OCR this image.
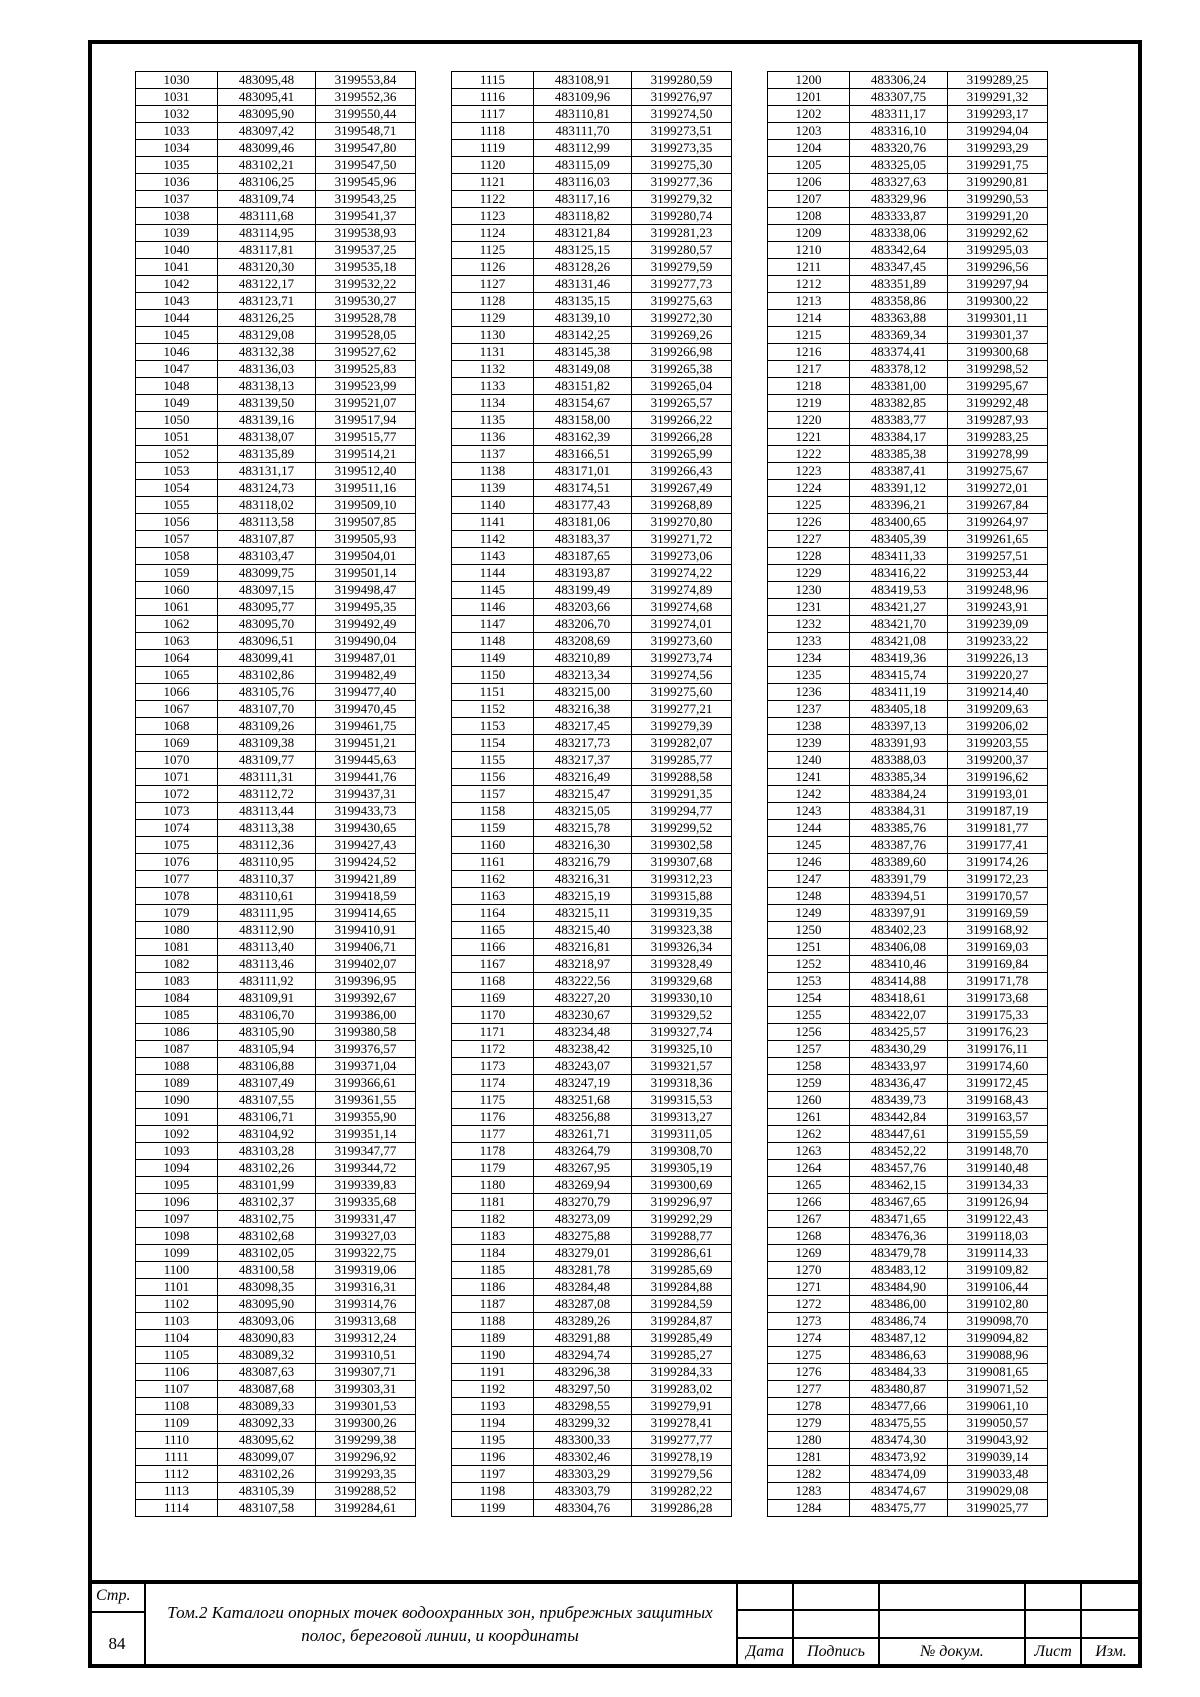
1030	483095,48	3199553,84
1031	483095,41	3199552,36
1032	483095,90	3199550,44
1033	483097,42	3199548,71
1034	483099,46	3199547,80
1035	483102,21	3199547,50
1036	483106,25	3199545,96
1037	483109,74	3199543,25
1038	483111,68	3199541,37
1039	483114,95	3199538,93
1040	483117,81	3199537,25
1041	483120,30	3199535,18
1042	483122,17	3199532,22
1043	483123,71	3199530,27
1044	483126,25	3199528,78
1045	483129,08	3199528,05
1046	483132,38	3199527,62
1047	483136,03	3199525,83
1048	483138,13	3199523,99
1049	483139,50	3199521,07
1050	483139,16	3199517,94
1051	483138,07	3199515,77
1052	483135,89	3199514,21
1053	483131,17	3199512,40
1054	483124,73	3199511,16
1055	483118,02	3199509,10
1056	483113,58	3199507,85
1057	483107,87	3199505,93
1058	483103,47	3199504,01
1059	483099,75	3199501,14
1060	483097,15	3199498,47
1061	483095,77	3199495,35
1062	483095,70	3199492,49
1063	483096,51	3199490,04
1064	483099,41	3199487,01
1065	483102,86	3199482,49
1066	483105,76	3199477,40
1067	483107,70	3199470,45
1068	483109,26	3199461,75
1069	483109,38	3199451,21
1070	483109,77	3199445,63
1071	483111,31	3199441,76
1072	483112,72	3199437,31
1073	483113,44	3199433,73
1074	483113,38	3199430,65
1075	483112,36	3199427,43
1076	483110,95	3199424,52
1077	483110,37	3199421,89
1078	483110,61	3199418,59
1079	483111,95	3199414,65
1080	483112,90	3199410,91
1081	483113,40	3199406,71
1082	483113,46	3199402,07
1083	483111,92	3199396,95
1084	483109,91	3199392,67
1085	483106,70	3199386,00
1086	483105,90	3199380,58
1087	483105,94	3199376,57
1088	483106,88	3199371,04
1089	483107,49	3199366,61
1090	483107,55	3199361,55
1091	483106,71	3199355,90
1092	483104,92	3199351,14
1093	483103,28	3199347,77
1094	483102,26	3199344,72
1095	483101,99	3199339,83
1096	483102,37	3199335,68
1097	483102,75	3199331,47
1098	483102,68	3199327,03
1099	483102,05	3199322,75
1100	483100,58	3199319,06
1101	483098,35	3199316,31
1102	483095,90	3199314,76
1103	483093,06	3199313,68
1104	483090,83	3199312,24
1105	483089,32	3199310,51
1106	483087,63	3199307,71
1107	483087,68	3199303,31
1108	483089,33	3199301,53
1109	483092,33	3199300,26
1110	483095,62	3199299,38
1111	483099,07	3199296,92
1112	483102,26	3199293,35
1113	483105,39	3199288,52
1114	483107,58	3199284,61
1115	483108,91	3199280,59
1116	483109,96	3199276,97
1117	483110,81	3199274,50
1118	483111,70	3199273,51
1119	483112,99	3199273,35
1120	483115,09	3199275,30
1121	483116,03	3199277,36
1122	483117,16	3199279,32
1123	483118,82	3199280,74
1124	483121,84	3199281,23
1125	483125,15	3199280,57
1126	483128,26	3199279,59
1127	483131,46	3199277,73
1128	483135,15	3199275,63
1129	483139,10	3199272,30
1130	483142,25	3199269,26
1131	483145,38	3199266,98
1132	483149,08	3199265,38
1133	483151,82	3199265,04
1134	483154,67	3199265,57
1135	483158,00	3199266,22
1136	483162,39	3199266,28
1137	483166,51	3199265,99
1138	483171,01	3199266,43
1139	483174,51	3199267,49
1140	483177,43	3199268,89
1141	483181,06	3199270,80
1142	483183,37	3199271,72
1143	483187,65	3199273,06
1144	483193,87	3199274,22
1145	483199,49	3199274,89
1146	483203,66	3199274,68
1147	483206,70	3199274,01
1148	483208,69	3199273,60
1149	483210,89	3199273,74
1150	483213,34	3199274,56
1151	483215,00	3199275,60
1152	483216,38	3199277,21
1153	483217,45	3199279,39
1154	483217,73	3199282,07
1155	483217,37	3199285,77
1156	483216,49	3199288,58
1157	483215,47	3199291,35
1158	483215,05	3199294,77
1159	483215,78	3199299,52
1160	483216,30	3199302,58
1161	483216,79	3199307,68
1162	483216,31	3199312,23
1163	483215,19	3199315,88
1164	483215,11	3199319,35
1165	483215,40	3199323,38
1166	483216,81	3199326,34
1167	483218,97	3199328,49
1168	483222,56	3199329,68
1169	483227,20	3199330,10
1170	483230,67	3199329,52
1171	483234,48	3199327,74
1172	483238,42	3199325,10
1173	483243,07	3199321,57
1174	483247,19	3199318,36
1175	483251,68	3199315,53
1176	483256,88	3199313,27
1177	483261,71	3199311,05
1178	483264,79	3199308,70
1179	483267,95	3199305,19
1180	483269,94	3199300,69
1181	483270,79	3199296,97
1182	483273,09	3199292,29
1183	483275,88	3199288,77
1184	483279,01	3199286,61
1185	483281,78	3199285,69
1186	483284,48	3199284,88
1187	483287,08	3199284,59
1188	483289,26	3199284,87
1189	483291,88	3199285,49
1190	483294,74	3199285,27
1191	483296,38	3199284,33
1192	483297,50	3199283,02
1193	483298,55	3199279,91
1194	483299,32	3199278,41
1195	483300,33	3199277,77
1196	483302,46	3199278,19
1197	483303,29	3199279,56
1198	483303,79	3199282,22
1199	483304,76	3199286,28
1200	483306,24	3199289,25
1201	483307,75	3199291,32
1202	483311,17	3199293,17
1203	483316,10	3199294,04
1204	483320,76	3199293,29
1205	483325,05	3199291,75
1206	483327,63	3199290,81
1207	483329,96	3199290,53
1208	483333,87	3199291,20
1209	483338,06	3199292,62
1210	483342,64	3199295,03
1211	483347,45	3199296,56
1212	483351,89	3199297,94
1213	483358,86	3199300,22
1214	483363,88	3199301,11
1215	483369,34	3199301,37
1216	483374,41	3199300,68
1217	483378,12	3199298,52
1218	483381,00	3199295,67
1219	483382,85	3199292,48
1220	483383,77	3199287,93
1221	483384,17	3199283,25
1222	483385,38	3199278,99
1223	483387,41	3199275,67
1224	483391,12	3199272,01
1225	483396,21	3199267,84
1226	483400,65	3199264,97
1227	483405,39	3199261,65
1228	483411,33	3199257,51
1229	483416,22	3199253,44
1230	483419,53	3199248,96
1231	483421,27	3199243,91
1232	483421,70	3199239,09
1233	483421,08	3199233,22
1234	483419,36	3199226,13
1235	483415,74	3199220,27
1236	483411,19	3199214,40
1237	483405,18	3199209,63
1238	483397,13	3199206,02
1239	483391,93	3199203,55
1240	483388,03	3199200,37
1241	483385,34	3199196,62
1242	483384,24	3199193,01
1243	483384,31	3199187,19
1244	483385,76	3199181,77
1245	483387,76	3199177,41
1246	483389,60	3199174,26
1247	483391,79	3199172,23
1248	483394,51	3199170,57
1249	483397,91	3199169,59
1250	483402,23	3199168,92
1251	483406,08	3199169,03
1252	483410,46	3199169,84
1253	483414,88	3199171,78
1254	483418,61	3199173,68
1255	483422,07	3199175,33
1256	483425,57	3199176,23
1257	483430,29	3199176,11
1258	483433,97	3199174,60
1259	483436,47	3199172,45
1260	483439,73	3199168,43
1261	483442,84	3199163,57
1262	483447,61	3199155,59
1263	483452,22	3199148,70
1264	483457,76	3199140,48
1265	483462,15	3199134,33
1266	483467,65	3199126,94
1267	483471,65	3199122,43
1268	483476,36	3199118,03
1269	483479,78	3199114,33
1270	483483,12	3199109,82
1271	483484,90	3199106,44
1272	483486,00	3199102,80
1273	483486,74	3199098,70
1274	483487,12	3199094,82
1275	483486,63	3199088,96
1276	483484,33	3199081,65
1277	483480,87	3199071,52
1278	483477,66	3199061,10
1279	483475,55	3199050,57
1280	483474,30	3199043,92
1281	483473,92	3199039,14
1282	483474,09	3199033,48
1283	483474,67	3199029,08
1284	483475,77	3199025,77
Стр.
84
Том.2 Каталоги опорных точек водоохранных зон, прибрежных защитных полос, береговой линии, и координаты
Дата	Подпись	№ докум.	Лист	Изм.
